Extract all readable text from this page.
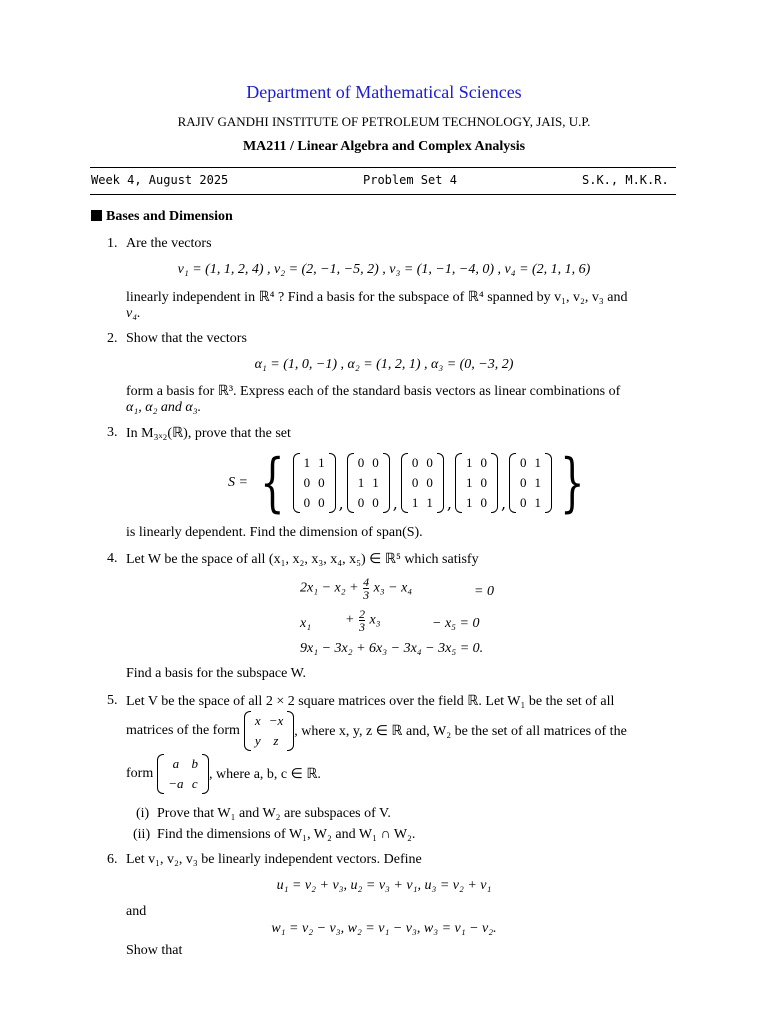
Department of Mathematical Sciences
RAJIV GANDHI INSTITUTE OF PETROLEUM TECHNOLOGY, JAIS, U.P.
MA211 / Linear Algebra and Complex Analysis
Week 4, August 2025	Problem Set 4	S.K., M.K.R.
Bases and Dimension
1. Are the vectors
v₁ = (1, 1, 2, 4) , v₂ = (2, −1, −5, 2) , v₃ = (1, −1, −4, 0) , v₄ = (2, 1, 1, 6)
linearly independent in ℝ⁴ ? Find a basis for the subspace of ℝ⁴ spanned by v₁, v₂, v₃ and
v₄.
2. Show that the vectors
α₁ = (1, 0, −1) , α₂ = (1, 2, 1) , α₃ = (0, −3, 2)
form a basis for ℝ³. Express each of the standard basis vectors as linear combinations of
α₁, α₂ and α₃.
3. In M₃ₓ₂(ℝ), prove that the set
S = { 1	1
0	0
0	0 ,
0	0
1	1
0	0 ,
0	0
0	0
1	1 ,
1	0
1	0
1	0 ,
0	1
0	1
0	1 }
is linearly dependent. Find the dimension of span(S).
4. Let W be the space of all (x₁, x₂, x₃, x₄, x₅) ∈ ℝ⁵ which satisfy
$2x_1 - x_2 + \frac{4}{3} x_3 - x_4$	= 0
$x_1 + \frac{2}{3} x_3$	− x₅ = 0
9x₁ − 3x₂ + 6x₃ − 3x₄ − 3x₅ = 0.
Find a basis for the subspace W.
5. Let V be the space of all 2 × 2 square matrices over the field ℝ. Let W₁ be the set of all
matrices of the form
x	−x
y	z
, where x, y, z ∈ ℝ and, W₂ be the set of all matrices of the
form
a	b
−a	c
, where a, b, c ∈ ℝ.
(i) Prove that W₁ and W₂ are subspaces of V.
(ii) Find the dimensions of W₁, W₂ and W₁ ∩ W₂.
6. Let v₁, v₂, v₃ be linearly independent vectors. Define
u₁ = v₂ + v₃, u₂ = v₃ + v₁, u₃ = v₂ + v₁
and
w₁ = v₂ − v₃, w₂ = v₁ − v₃, w₃ = v₁ − v₂.
Show that
